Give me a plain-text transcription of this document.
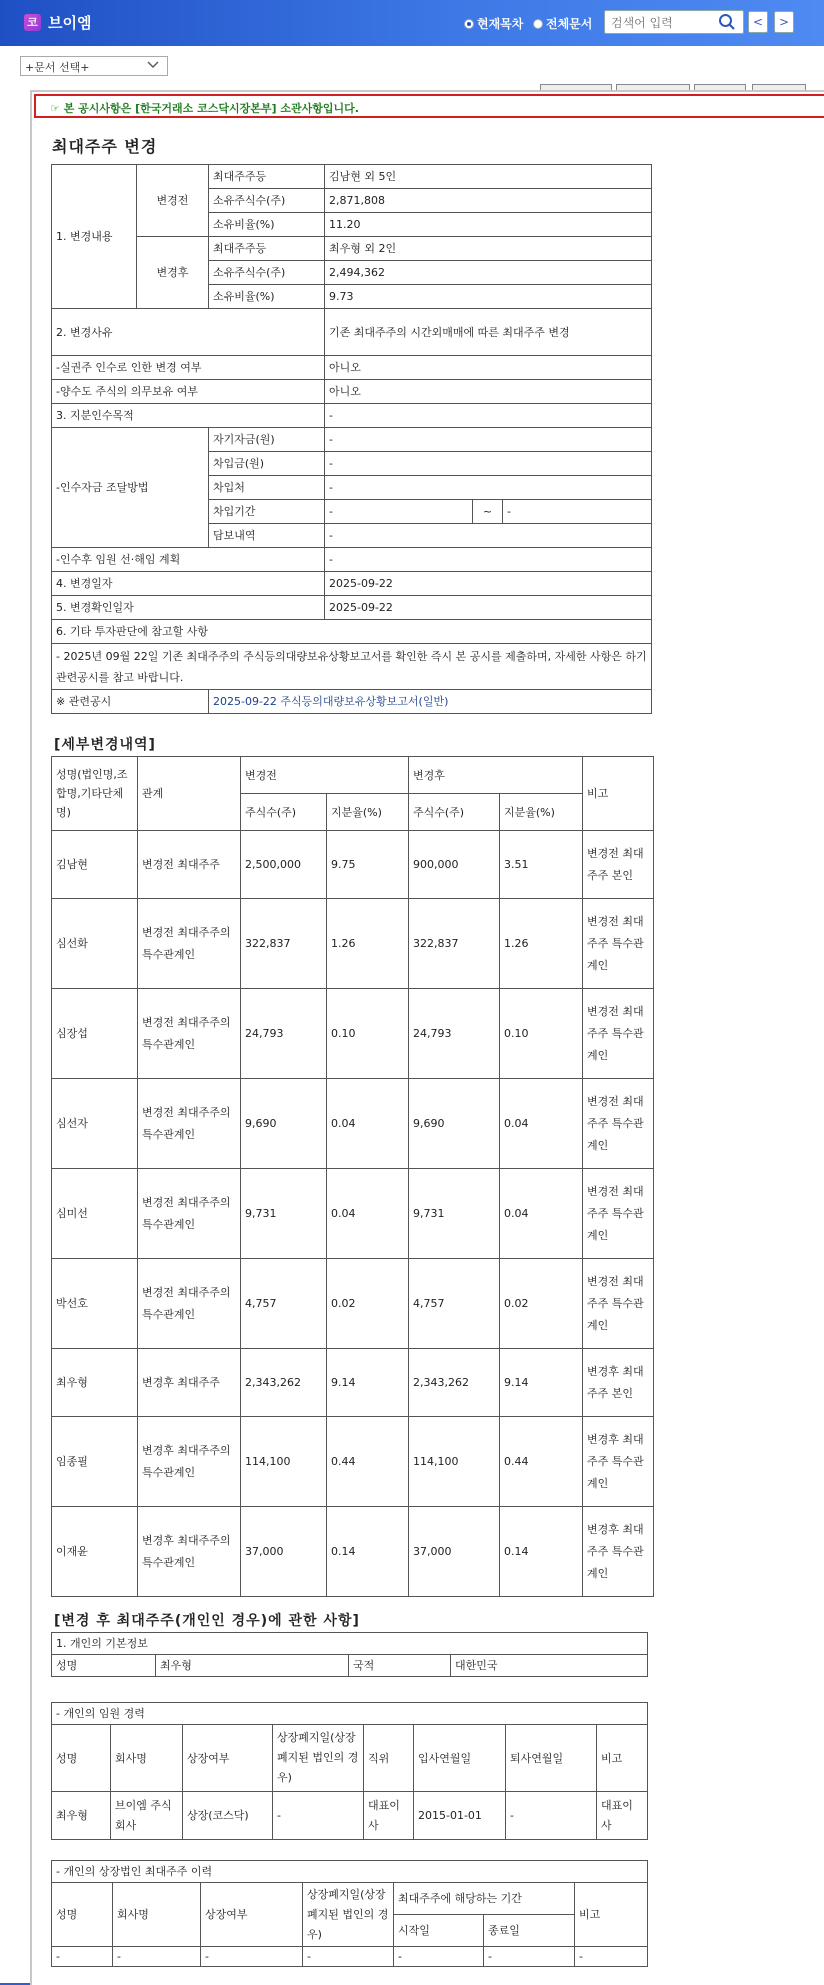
코 브이엠	현재목차 전체문서
검색어 입력	<	>
+문서 선택+
☞ 본 공시사항은 [한국거래소 코스닥시장본부] 소관사항입니다.
최대주주 변경
1. 변경내용	변경전	최대주주등	김남현 외 5인		
		소유주식수(주)	2,871,808		
		소유비율(%)	11.20		
	변경후	최대주주등	최우형 외 2인		
		소유주식수(주)	2,494,362		
		소유비율(%)	9.73		
2. 변경사유			기존 최대주주의 시간외매매에 따른 최대주주 변경		
-실권주 인수로 인한 변경 여부			아니오		
-양수도 주식의 의무보유 여부			아니오		
3. 지분인수목적			-		
-인수자금 조달방법		자기자금(원)	-		
		차입금(원)	-		
		차입처	-		
		차입기간	-	~	-
		담보내역	-		
-인수후 임원 선·해임 계획			-		
4. 변경일자			2025-09-22		
5. 변경확인일자			2025-09-22		
6. 기타 투자판단에 참고할 사항					
- 2025년 09월 22일 기존 최대주주의 주식등의대량보유상황보고서를 확인한 즉시 본 공시를 제출하며, 자세한 사항은 하기 관련공시를 참고 바랍니다.					
※ 관련공시		2025-09-22 주식등의대량보유상황보고서(일반)			
[세부변경내역]
성명(법인명,조합명,기타단체명)	관계	변경전		변경후		비고
		주식수(주)	지분율(%)	주식수(주)	지분율(%)	
김남현	변경전 최대주주	2,500,000	9.75	900,000	3.51	변경전 최대주주 본인
심선화	변경전 최대주주의 특수관계인	322,837	1.26	322,837	1.26	변경전 최대주주 특수관계인
심장섭	변경전 최대주주의 특수관계인	24,793	0.10	24,793	0.10	변경전 최대주주 특수관계인
심선자	변경전 최대주주의 특수관계인	9,690	0.04	9,690	0.04	변경전 최대주주 특수관계인
심미선	변경전 최대주주의 특수관계인	9,731	0.04	9,731	0.04	변경전 최대주주 특수관계인
박선호	변경전 최대주주의 특수관계인	4,757	0.02	4,757	0.02	변경전 최대주주 특수관계인
최우형	변경후 최대주주	2,343,262	9.14	2,343,262	9.14	변경후 최대주주 본인
임종필	변경후 최대주주의 특수관계인	114,100	0.44	114,100	0.44	변경후 최대주주 특수관계인
이재윤	변경후 최대주주의 특수관계인	37,000	0.14	37,000	0.14	변경후 최대주주 특수관계인
[변경 후 최대주주(개인인 경우)에 관한 사항]
1. 개인의 기본정보
성명	최우형	국적	대한민국
- 개인의 임원 경력							
성명	회사명	상장여부	상장폐지일(상장폐지된 법인의 경우)	직위	입사연월일	퇴사연월일	비고
최우형	브이엠 주식회사	상장(코스닥)	-	대표이사	2015-01-01	-	대표이사
- 개인의 상장법인 최대주주 이력						
성명	회사명	상장여부	상장폐지일(상장폐지된 법인의 경우)	최대주주에 해당하는 기간		비고
				시작일	종료일	
-	-	-	-	-	-	-
